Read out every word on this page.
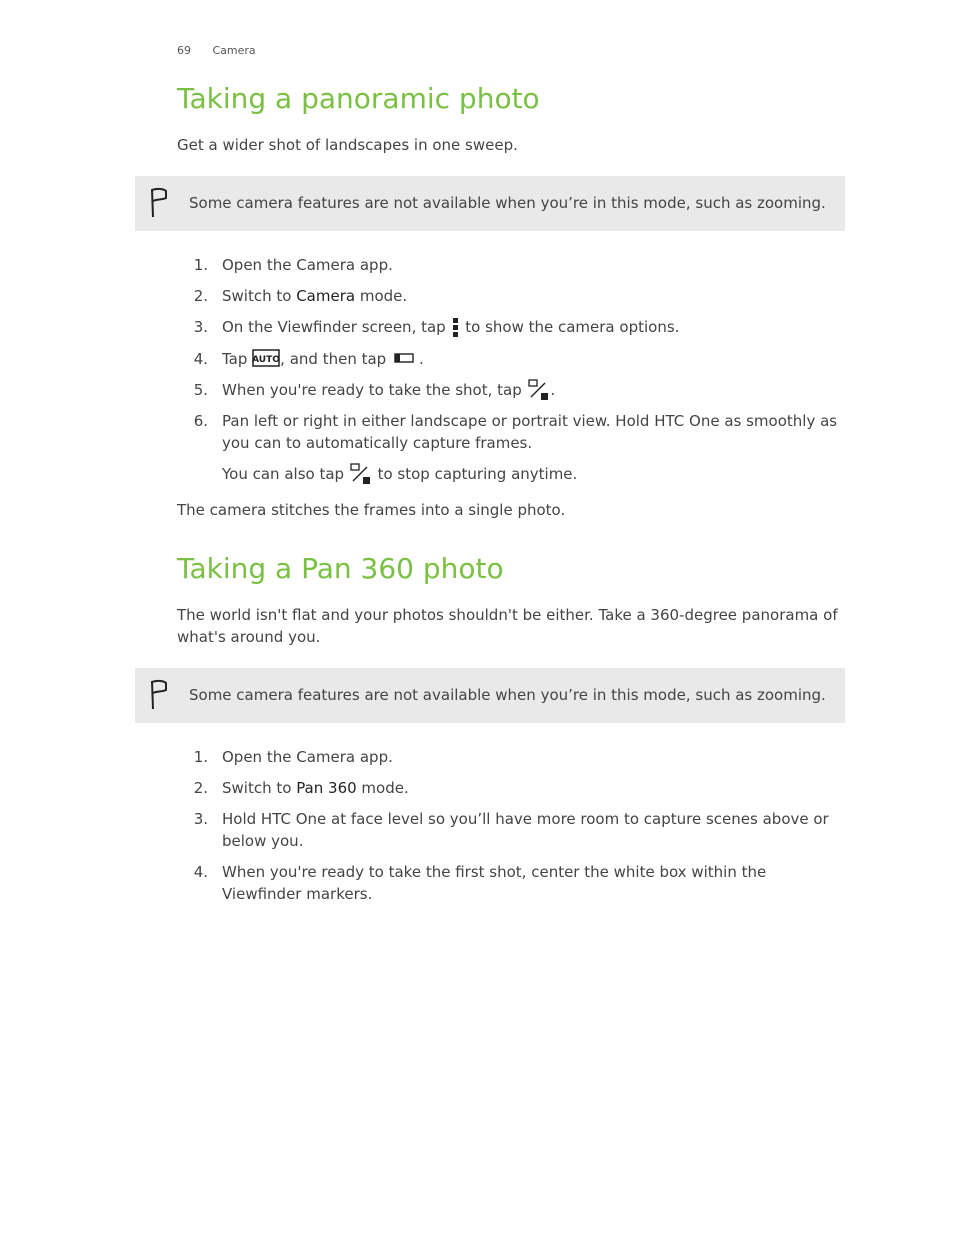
69 Camera
Taking a panoramic photo

Get a wider shot of landscapes in one sweep.

Some camera features are not available when you’re in this mode, such as zooming.
1. Open the Camera app.
2. Switch to Camera mode.
3. On the Viewfinder screen, tap  to show the camera options.
4. Tap AUTO , and then tap .
5. When you're ready to take the shot, tap .
6. Pan left or right in either landscape or portrait view. Hold HTC One as smoothly as you can to automatically capture frames.
You can also tap  to stop capturing anytime.

The camera stitches the frames into a single photo.

Taking a Pan 360 photo

The world isn't flat and your photos shouldn't be either. Take a 360-degree panorama of what's around you.

Some camera features are not available when you’re in this mode, such as zooming.
1. Open the Camera app.
2. Switch to Pan 360 mode.
3. Hold HTC One at face level so you’ll have more room to capture scenes above or below you.
4. When you're ready to take the first shot, center the white box within the Viewfinder markers.
